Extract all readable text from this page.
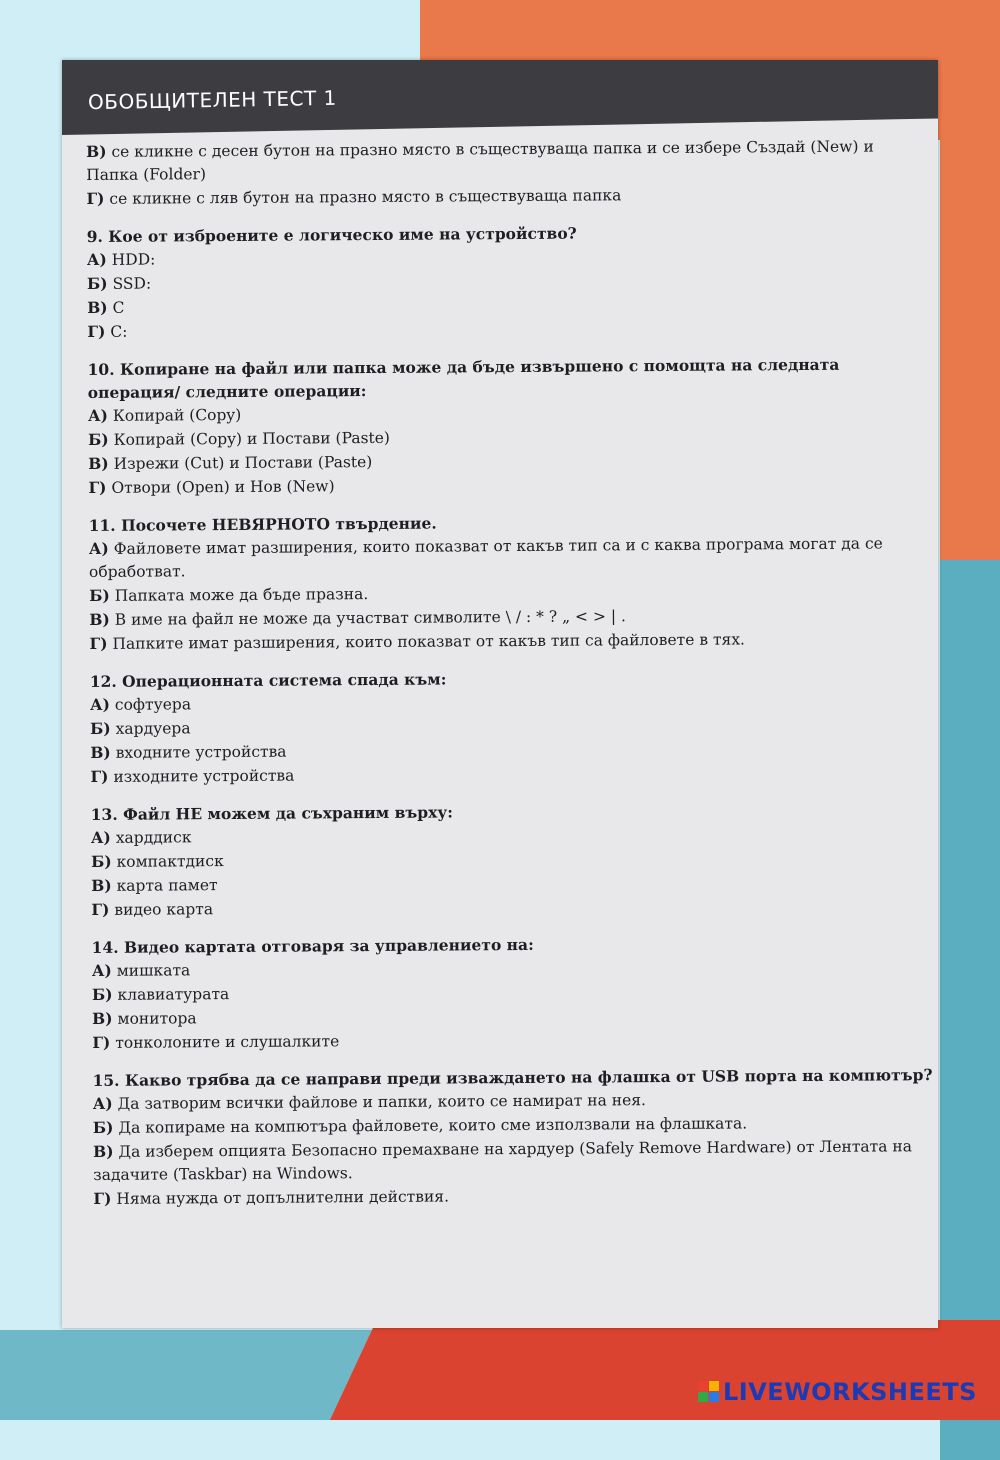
ОБОБЩИТЕЛЕН ТЕСТ 1
В) се кликне с десен бутон на празно място в съществуваща папка и се избере Създай (New) и Папка (Folder)
Г) се кликне с ляв бутон на празно място в съществуваща папка
9. Кое от изброените е логическо име на устройство?
А) HDD:
Б) SSD:
В) C
Г) C:
10. Копиране на файл или папка може да бъде извършено с помощта на следната операция/ следните операции:
А) Копирай (Copy)
Б) Копирай (Copy) и Постави (Paste)
В) Изрежи (Cut) и Постави (Paste)
Г) Отвори (Open) и Нов (New)
11. Посочете НЕВЯРНОТО твърдение.
А) Файловете имат разширения, които показват от какъв тип са и с каква програма могат да се обработват.
Б) Папката може да бъде празна.
В) В име на файл не може да участват символите \ / : * ? „ < > | .
Г) Папките имат разширения, които показват от какъв тип са файловете в тях.
12. Операционната система спада към:
А) софтуера
Б) хардуера
В) входните устройства
Г) изходните устройства
13. Файл НЕ можем да съхраним върху:
А) харддиск
Б) компактдиск
В) карта памет
Г) видео карта
14. Видео картата отговаря за управлението на:
А) мишката
Б) клавиатурата
В) монитора
Г) тонколоните и слушалките
15. Какво трябва да се направи преди изваждането на флашка от USB порта на компютър?
А) Да затворим всички файлове и папки, които се намират на нея.
Б) Да копираме на компютъра файловете, които сме използвали на флашката.
В) Да изберем опцията Безопасно премахване на хардуер (Safely Remove Hardware) от Лентата на задачите (Taskbar) на Windows.
Г) Няма нужда от допълнителни действия.
LIVEWORKSHEETS
